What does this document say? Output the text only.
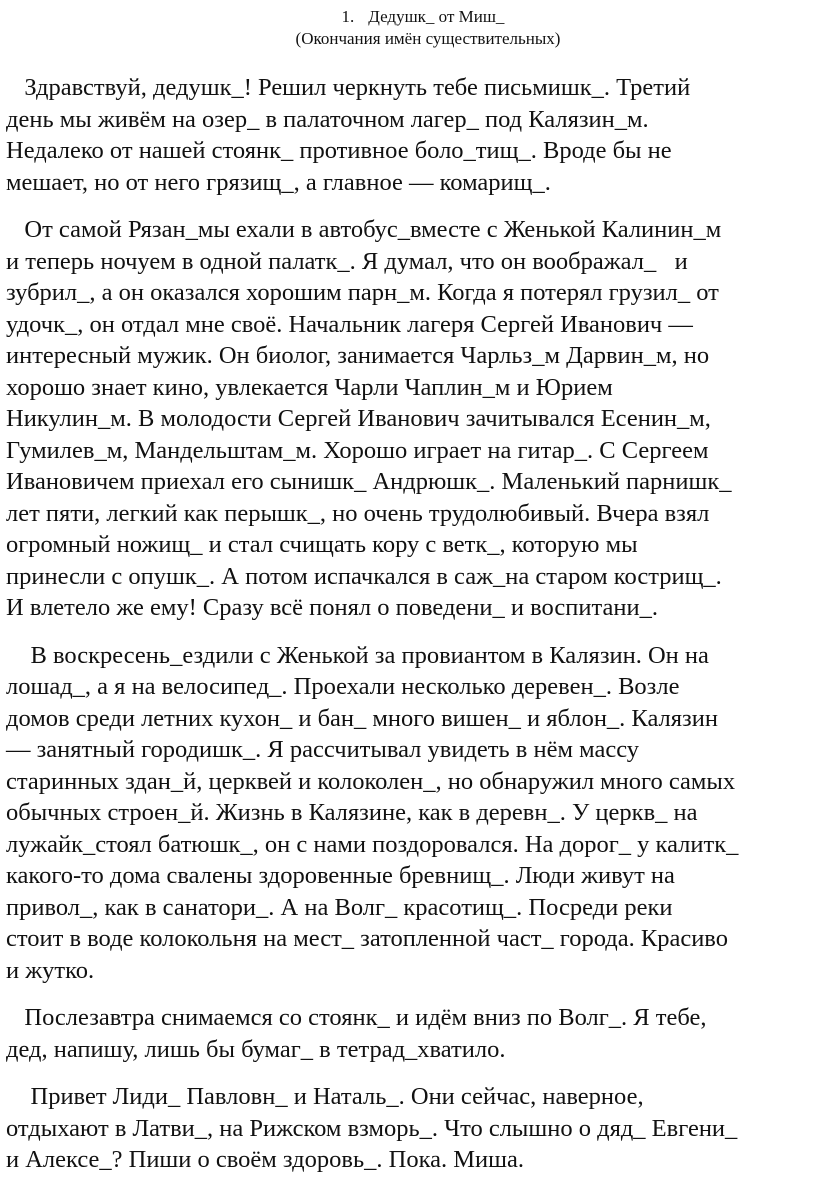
1. Дедушк_ от Миш_
(Окончания имён существительных)
Здравствуй, дедушк_! Решил черкнуть тебе письмишк_. Третий
день мы живём на озер_ в палаточном лагер_ под Калязин_м.
Недалеко от нашей стоянк_ противное боло_тищ_. Вроде бы не
мешает, но от него грязищ_, а главное — комарищ_.
От самой Рязан_мы ехали в автобус_вместе с Женькой Калинин_м
и теперь ночуем в одной палатк_. Я думал, что он воображал_   и
зубрил_, а он оказался хорошим парн_м. Когда я потерял грузил_ от
удочк_, он отдал мне своё. Начальник лагеря Сергей Иванович —
интересный мужик. Он биолог, занимается Чарльз_м Дарвин_м, но
хорошо знает кино, увлекается Чарли Чаплин_м и Юрием
Никулин_м. В молодости Сергей Иванович зачитывался Есенин_м,
Гумилев_м, Мандельштам_м. Хорошо играет на гитар_. С Сергеем
Ивановичем приехал его сынишк_ Андрюшк_. Маленький парнишк_
лет пяти, легкий как перышк_, но очень трудолюбивый. Вчера взял
огромный ножищ_ и стал счищать кору с ветк_, которую мы
принесли с опушк_. А потом испачкался в саж_на старом кострищ_.
И влетело же ему! Сразу всё понял о поведени_ и воспитани_.
В воскресень_ездили с Женькой за провиантом в Калязин. Он на
лошад_, а я на велосипед_. Проехали несколько деревен_. Возле
домов среди летних кухон_ и бан_ много вишен_ и яблон_. Калязин
— занятный городишк_. Я рассчитывал увидеть в нём массу
старинных здан_й, церквей и колоколен_, но обнаружил много самых
обычных строен_й. Жизнь в Калязине, как в деревн_. У церкв_ на
лужайк_стоял батюшк_, он с нами поздоровался. На дорог_ у калитк_
какого-то дома свалены здоровенные бревнищ_. Люди живут на
привол_, как в санатори_. А на Волг_ красотищ_. Посреди реки
стоит в воде колокольня на мест_ затопленной част_ города. Красиво
и жутко.
Послезавтра снимаемся со стоянк_ и идём вниз по Волг_. Я тебе,
дед, напишу, лишь бы бумаг_ в тетрад_хватило.
Привет Лиди_ Павловн_ и Наталь_. Они сейчас, наверное,
отдыхают в Латви_, на Рижском взморь_. Что слышно о дяд_ Евгени_
и Алексе_? Пиши о своём здоровь_. Пока. Миша.
